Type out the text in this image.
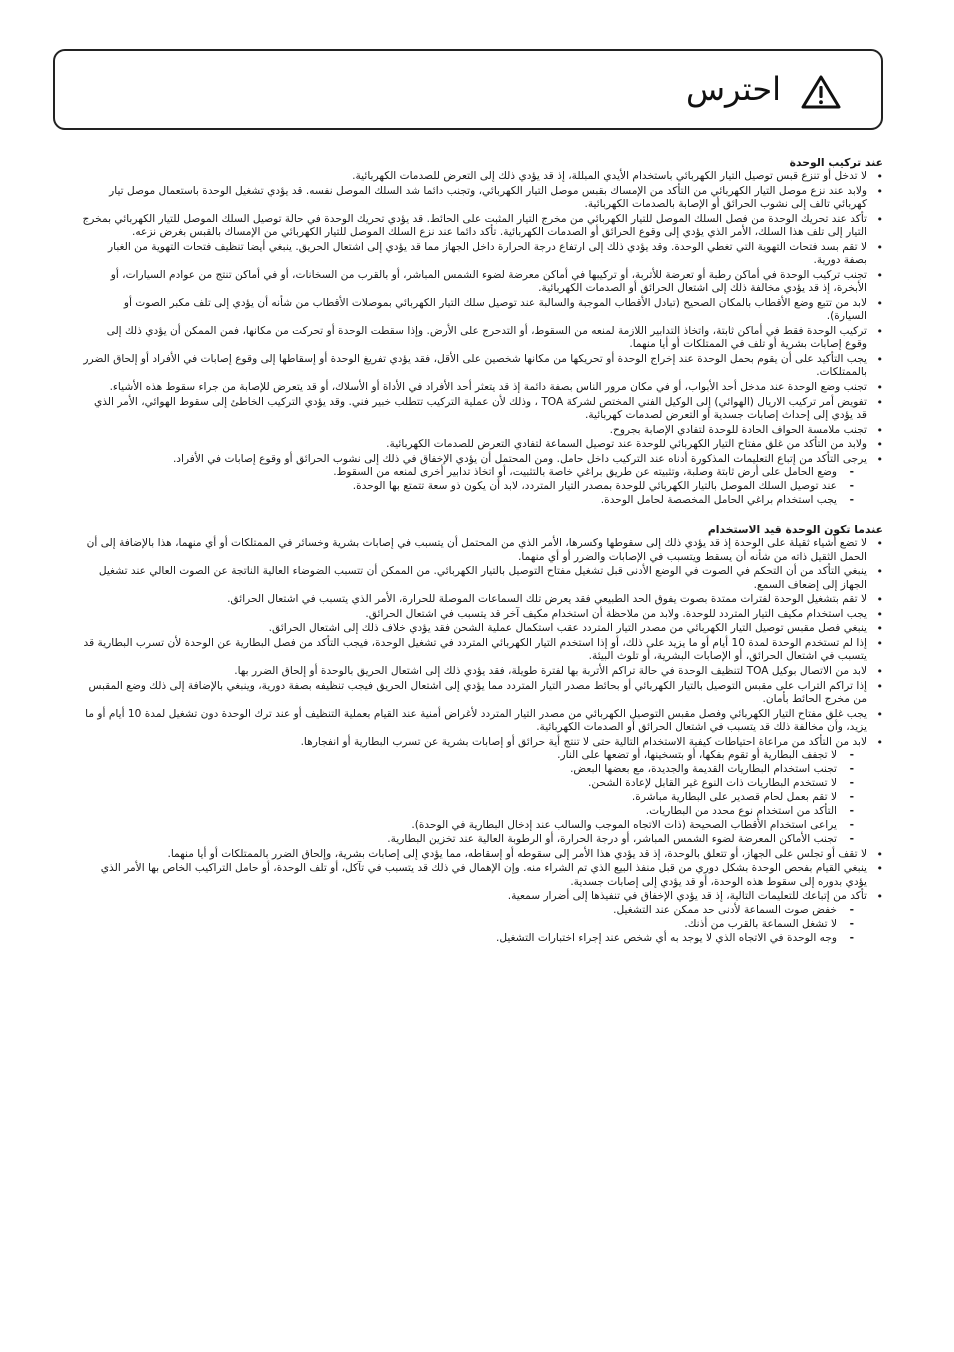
احترس
عند تركيب الوحدة
• لا تدخل أو تنزع قبس توصيل التيار الكهربائي باستخدام الأيدي المبللة، إذ قد يؤدي ذلك إلى التعرض للصدمات الكهربائية.
• ولابد عند نزع موصل التيار الكهربائي من التأكد من الإمساك بقبس موصل التيار الكهربائي، وتجنب دائما شد السلك الموصل نفسه. قد يؤدي تشغيل الوحدة باستعمال موصل تيار كهربائي تالف إلى نشوب الحرائق أو الإصابة بالصدمات الكهربائية.
• تأكد عند تحريك الوحدة من فصل السلك الموصل للتيار الكهربائي من مخرج التيار المثبت على الحائط. قد يؤدي تحريك الوحدة في حالة توصيل السلك الموصل للتيار الكهربائي بمخرج التيار إلى تلف هذا السلك، الأمر الذي يؤدي إلى وقوع الحرائق أو الصدمات الكهربائية. تأكد دائما عند نزع السلك الموصل للتيار الكهربائي من الإمساك بالقبس بغرض نزعه.
• لا تقم بسد فتحات التهوية التي تغطي الوحدة. وقد يؤدي ذلك إلى ارتفاع درجة الحرارة داخل الجهاز مما قد يؤدي إلى اشتعال الحريق. ينبغي أيضا تنظيف فتحات التهوية من الغبار بصفة دورية.
• تجنب تركيب الوحدة في أماكن رطبة أو تعرضة للأتربة، أو تركيبها في أماكن معرضة لضوء الشمس المباشر، أو بالقرب من السخانات، أو في أماكن تنتج من عوادم السيارات، أو الأبخرة، إذ قد يؤدي مخالفة ذلك إلى اشتعال الحرائق أو الصدمات الكهربائية.
• لابد من تتبع وضع الأقطاب بالمكان الصحيح (تبادل الأقطاب الموجبة والسالبة عند توصيل سلك التيار الكهربائي بموصلات الأقطاب من شأنه أن يؤدي إلى تلف مكبر الصوت أو السيارة).
• تركيب الوحدة فقط في أماكن ثابتة، واتخاذ التدابير اللازمة لمنعه من السقوط، أو التدحرج على الأرض. وإذا سقطت الوحدة أو تحركت من مكانها، فمن الممكن أن يؤدي ذلك إلى وقوع إصابات بشرية أو تلف في الممتلكات أو أيا منهما.
• يجب التأكيد على أن يقوم بحمل الوحدة عند إخراج الوحدة أو تحريكها من مكانها شخصين على الأقل، فقد يؤدي تفريغ الوحدة أو إسقاطها إلى وقوع إصابات في الأفراد أو إلحاق الضرر بالممتلكات.
• تجنب وضع الوحدة عند مدخل أحد الأبواب، أو في مكان مرور الناس بصفة دائمة إذ قد يتعثر أحد الأفراد في الأداة أو الأسلاك، أو قد يتعرض للإصابة من جراء سقوط هذه الأشياء.
• تفويض أمر تركيب الاريال (الهوائي) إلى الوكيل الفني المختص لشركة TOA ، وذلك لأن عملية التركيب تتطلب خبير فني. وقد يؤدي التركيب الخاطئ إلى سقوط الهوائي، الأمر الذي قد يؤدي إلى إحداث إصابات جسدية أو التعرض لصدمات كهربائية.
• تجنب ملامسة الحواف الحادة للوحدة لتفادي الإصابة بجروح.
• ولابد من التأكد من غلق مفتاح التيار الكهربائي للوحدة عند توصيل السماعة لتفادي التعرض للصدمات الكهربائية.
• يرجى التأكد من إتباع التعليمات المذكورة أدناه عند التركيب داخل حامل. ومن المحتمل أن يؤدي الإخفاق في ذلك إلى نشوب الحرائق أو وقوع إصابات في الأفراد.
- وضع الحامل على أرض ثابتة وصلبة، وتثبيته عن طريق براغي خاصة بالتثبيت، أو اتخاذ تدابير أخرى لمنعه من السقوط.
- عند توصيل السلك الموصل بالتيار الكهربائي للوحدة بمصدر التيار المتردد، لابد أن يكون ذو سعة تتمتع بها الوحدة.
- يجب استخدام براغي الحامل المخصصة لحامل الوحدة.
عندما تكون الوحدة قيد الاستخدام
• لا تضع أشياء ثقيلة على الوحدة إذ قد يؤدي ذلك إلى سقوطها وكسرها، الأمر الذي من المحتمل أن يتسبب في إصابات بشرية وخسائر في الممتلكات أو أي منهما، هذا بالإضافة إلى أن الحمل الثقيل ذاته من شأنه أن يسقط ويتسبب في الإصابات والضرر أو أي منهما.
• ينبغي التأكد من أن التحكم في الصوت في الوضع الأدنى قبل تشغيل مفتاح التوصيل بالتيار الكهربائي. من الممكن أن تتسبب الضوضاء العالية الناتجة عن الصوت العالي عند تشغيل الجهاز إلى إضعاف السمع.
• لا تقم بتشغيل الوحدة لفترات ممتدة بصوت يفوق الحد الطبيعي فقد يعرض تلك السماعات الموصلة للحرارة، الأمر الذي يتسبب في اشتعال الحرائق.
• يجب استخدام مكيف التيار المتردد للوحدة. ولابد من ملاحظة أن استخدام مكيف آخر قد يتسبب في اشتعال الحرائق.
• ينبغي فصل مقبس توصيل التيار الكهربائي من مصدر التيار المتردد عقب استكمال عملية الشحن فقد يؤدي خلاف ذلك إلى اشتعال الحرائق.
• إذا لم تستخدم الوحدة لمدة 10 أيام أو ما يزيد على ذلك، أو إذا استخدم التيار الكهربائي المتردد في تشغيل الوحدة، فيجب التأكد من فصل البطارية عن الوحدة لأن تسرب البطارية قد يتسبب في اشتعال الحرائق، أو الإصابات البشرية، أو تلوث البيئة.
• لابد من الاتصال بوكيل TOA لتنظيف الوحدة في حالة تراكم الأتربة بها لفترة طويلة، فقد يؤدي ذلك إلى اشتعال الحريق بالوحدة أو إلحاق الضرر بها.
• إذا تراكم التراب على مقبس التوصيل بالتيار الكهربائي أو بحائط مصدر التيار المتردد مما يؤدي إلى اشتعال الحريق فيجب تنظيفه بصفة دورية، وينبغي بالإضافة إلى ذلك وضع المقبس من مخرج الحائط بأمان.
• يجب غلق مفتاح التيار الكهربائي وفصل مقبس التوصيل الكهربائي من مصدر التيار المتردد لأغراض أمنية عند القيام بعملية التنظيف أو عند ترك الوحدة دون تشغيل لمدة 10 أيام أو ما يزيد، وأن مخالفة ذلك قد يتسبب في اشتعال الحرائق أو الصدمات الكهربائية.
• لابد من التأكد من مراعاة احتياطات كيفية الاستخدام التالية حتى لا تنتج أية حرائق أو إصابات بشرية عن تسرب البطارية أو انفجارها.
- لا تجفف البطارية أو تقوم بفكها، أو بتسخينها، أو تضعها على النار.
- تجنب استخدام البطاريات القديمة والجديدة، مع بعضها البعض.
- لا تستخدم البطاريات ذات النوع غير القابل لإعادة الشحن.
- لا تقم بعمل لحام قصدير على البطارية مباشرة.
- التأكد من استخدام نوع محدد من البطاريات.
- يراعى استخدام الأقطاب الصحيحة (ذات الاتجاه الموجب والسالب عند إدخال البطارية في الوحدة).
- تجنب الأماكن المعرضة لضوء الشمس المباشر، أو درجة الحرارة، أو الرطوبة العالية عند تخزين البطارية.
• لا تقف أو تجلس على الجهاز، أو تتعلق بالوحدة، إذ قد يؤدي هذا الأمر إلى سقوطه أو إسقاطه، مما يؤدي إلى إصابات بشرية، وإلحاق الضرر بالممتلكات أو أيا منهما.
• ينبغي القيام بفحص الوحدة بشكل دوري من قبل منفذ البيع الذي تم الشراء منه. وإن الإهمال في ذلك قد يتسبب في تآكل، أو تلف الوحدة، أو حامل التراكيب الخاص بها الأمر الذي يؤدي بدوره إلى سقوط هذه الوحدة، أو قد يؤدي إلى إصابات جسدية.
• تأكد من إتباعك للتعليمات التالية، إذ قد يؤدي الإخفاق في تنفيذها إلى أضرار سمعية.
- خفض صوت السماعة لأدنى حد ممكن عند التشغيل.
- لا تشغل السماعة بالقرب من أذنك.
- وجه الوحدة في الاتجاه الذي لا يوجد به أي شخص عند إجراء اختبارات التشغيل.
